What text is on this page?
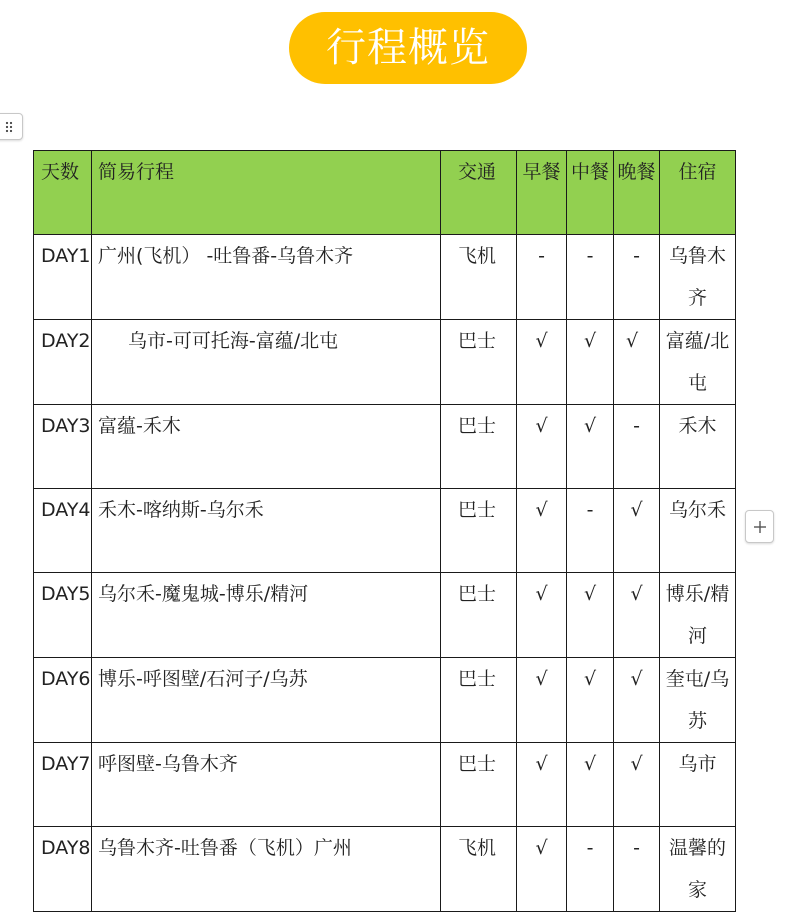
行程概览
天数	简易行程	交通	早餐	中餐	晚餐	住宿
DAY1	广州(飞机） -吐鲁番-乌鲁木齐	飞机	-	-	-	乌鲁木齐
DAY2	乌市-可可托海-富蕴/北屯	巴士	√	√	√	富蕴/北屯
DAY3	富蕴-禾木	巴士	√	√	-	禾木
DAY4	禾木-喀纳斯-乌尔禾	巴士	√	-	√	乌尔禾
DAY5	乌尔禾-魔鬼城-博乐/精河	巴士	√	√	√	博乐/精河
DAY6	博乐-呼图壁/石河子/乌苏	巴士	√	√	√	奎屯/乌苏
DAY7	呼图壁-乌鲁木齐	巴士	√	√	√	乌市
DAY8	乌鲁木齐-吐鲁番（飞机）广州	飞机	√	-	-	温馨的家
